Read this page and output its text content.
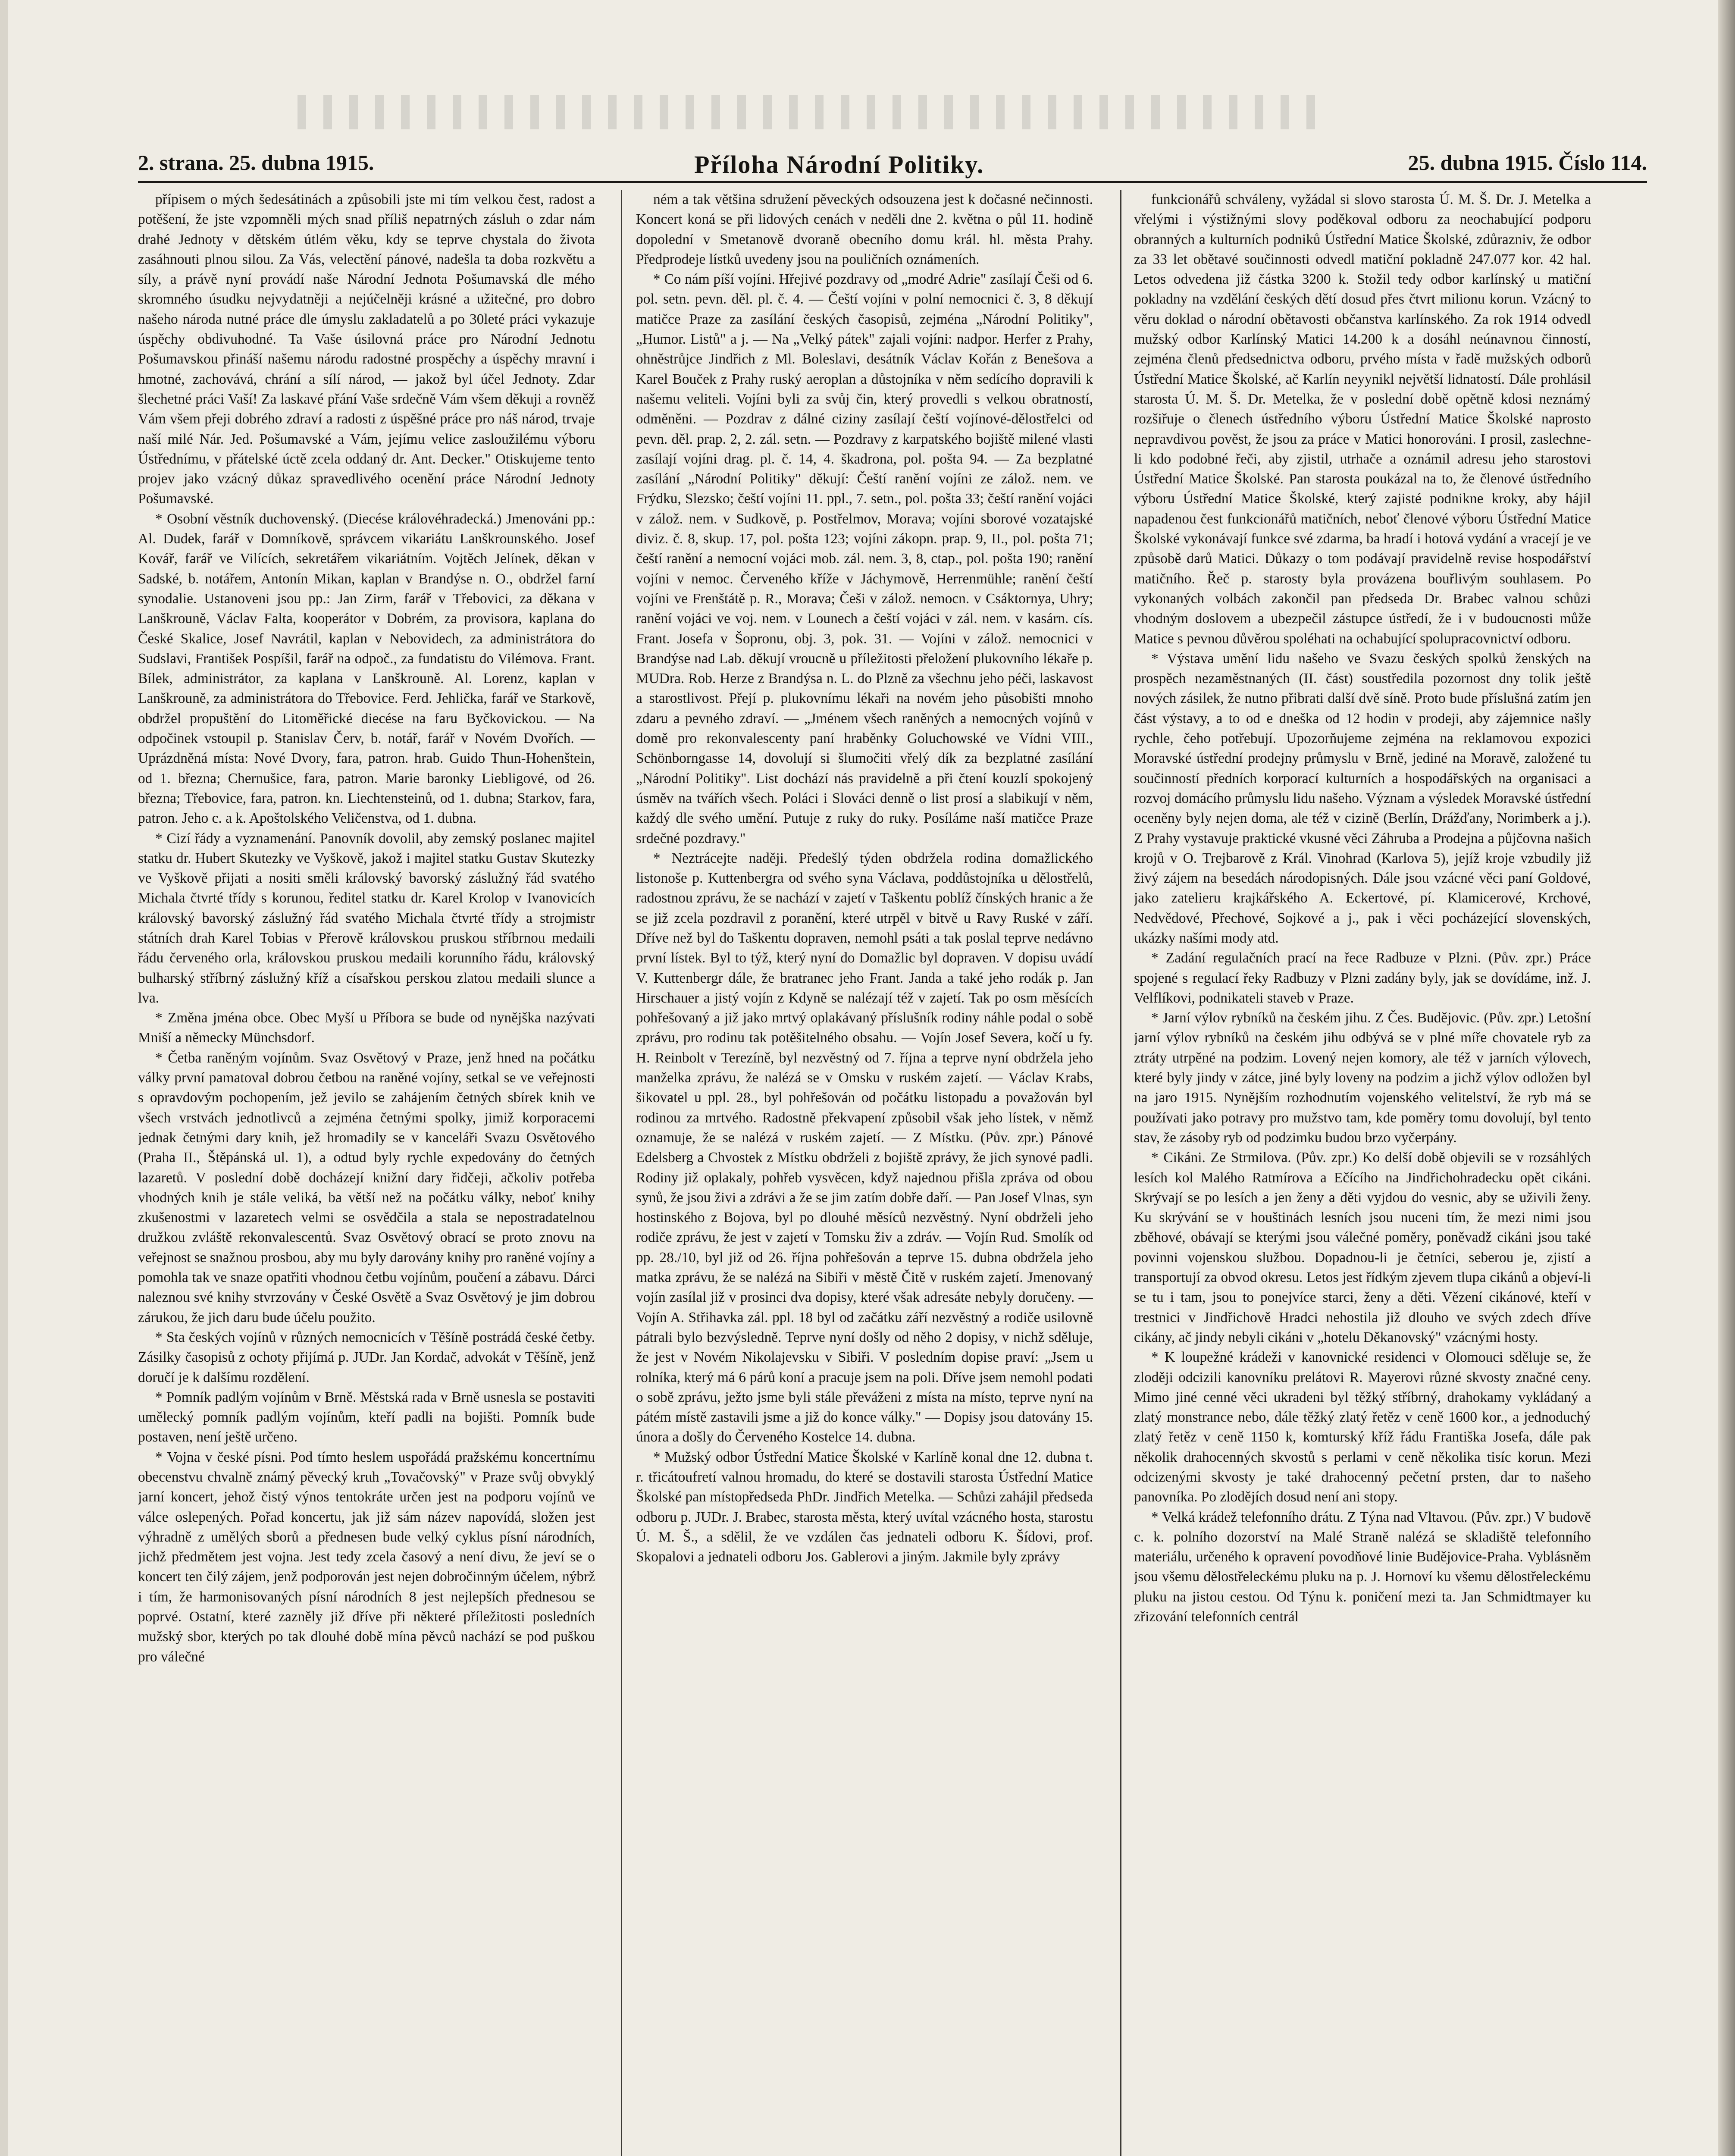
2. strana. 25. dubna 1915.	Příloha Národní Politiky.	25. dubna 1915. Číslo 114.

přípisem o mých šedesátinách a způsobili jste mi tím velkou čest, radost a potěšení, že jste vzpomněli mých snad příliš nepatrných zásluh o zdar nám drahé Jednoty v dětském útlém věku, kdy se teprve chystala do života zasáhnouti plnou silou. Za Vás, velectění pánové, nadešla ta doba rozkvětu a síly, a právě nyní provádí naše Národní Jednota Pošumavská dle mého skromného úsudku nejvydatněji a nejúčelněji krásné a užitečné, pro dobro našeho národa nutné práce dle úmyslu zakladatelů a po 30leté práci vykazuje úspěchy obdivuhodné. Ta Vaše úsilovná práce pro Národní Jednotu Pošumavskou přináší našemu národu radostné prospěchy a úspěchy mravní i hmotné, zachovává, chrání a sílí národ, — jakož byl účel Jednoty. Zdar šlechetné práci Vaší! Za laskavé přání Vaše srdečně Vám všem děkuji a rovněž Vám všem přeji dobrého zdraví a radosti z úspěšné práce pro náš národ, trvaje naší milé Nár. Jed. Pošumavské a Vám, jejímu velice zasloužilému výboru Ústřednímu, v přátelské úctě zcela oddaný dr. Ant. Decker." Otiskujeme tento projev jako vzácný důkaz spravedlivého ocenění práce Národní Jednoty Pošumavské.

* Osobní věstník duchovenský. (Diecése královéhradecká.) Jmenováni pp.: Al. Dudek, farář v Domníkově, správcem vikariátu Lanškrounského. Josef Kovář, farář ve Vilících, sekretářem vikariátním. Vojtěch Jelínek, děkan v Sadské, b. notářem, Antonín Mikan, kaplan v Brandýse n. O., obdržel farní synodalie. Ustanoveni jsou pp.: Jan Zirm, farář v Třebovici, za děkana v Lanškrouně, Václav Falta, kooperátor v Dobrém, za provisora, kaplana do České Skalice, Josef Navrátil, kaplan v Nebovidech, za administrátora do Sudslavi, František Pospíšil, farář na odpoč., za fundatistu do Vilémova. Frant. Bílek, administrátor, za kaplana v Lanškrouně. Al. Lorenz, kaplan v Lanškrouně, za administrátora do Třebovice. Ferd. Jehlička, farář ve Starkově, obdržel propuštění do Litoměřické diecése na faru Byčkovickou. — Na odpočinek vstoupil p. Stanislav Červ, b. notář, farář v Novém Dvořích. — Uprázdněná místa: Nové Dvory, fara, patron. hrab. Guido Thun-Hohenštein, od 1. března; Chernušice, fara, patron. Marie baronky Liebligové, od 26. března; Třebovice, fara, patron. kn. Liechtensteinů, od 1. dubna; Starkov, fara, patron. Jeho c. a k. Apoštolského Veličenstva, od 1. dubna.

* Cizí řády a vyznamenání. Panovník dovolil, aby zemský poslanec majitel statku dr. Hubert Skutezky ve Vyškově, jakož i majitel statku Gustav Skutezky ve Vyškově přijati a nositi směli královský bavorský záslužný řád svatého Michala čtvrté třídy s korunou, ředitel statku dr. Karel Krolop v Ivanovicích královský bavorský záslužný řád svatého Michala čtvrté třídy a strojmistr státních drah Karel Tobias v Přerově královskou pruskou stříbrnou medaili řádu červeného orla, královskou pruskou medaili korunního řádu, královský bulharský stříbrný záslužný kříž a císařskou perskou zlatou medaili slunce a lva.

* Změna jména obce. Obec Myší u Příbora se bude od nynějška nazývati Mniší a německy Münchsdorf.

* Četba raněným vojínům. Svaz Osvětový v Praze, jenž hned na počátku války první pamatoval dobrou četbou na raněné vojíny, setkal se ve veřejnosti s opravdovým pochopením, jež jevilo se zahájením četných sbírek knih ve všech vrstvách jednotlivců a zejména četnými spolky, jimiž korporacemi jednak četnými dary knih, jež hromadily se v kanceláři Svazu Osvětového (Praha II., Štěpánská ul. 1), a odtud byly rychle expedovány do četných lazaretů. V poslední době docházejí knižní dary řidčeji, ačkoliv potřeba vhodných knih je stále veliká, ba větší než na počátku války, neboť knihy zkušenostmi v lazaretech velmi se osvědčila a stala se nepostradatelnou družkou zvláště rekonvalescentů. Svaz Osvětový obrací se proto znovu na veřejnost se snažnou prosbou, aby mu byly darovány knihy pro raněné vojíny a pomohla tak ve snaze opatřiti vhodnou četbu vojínům, poučení a zábavu. Dárci naleznou své knihy stvrzovány v České Osvětě a Svaz Osvětový je jim dobrou zárukou, že jich daru bude účelu použito.

* Sta českých vojínů v různých nemocnicích v Těšíně postrádá české četby. Zásilky časopisů z ochoty přijímá p. JUDr. Jan Kordač, advokát v Těšíně, jenž doručí je k dalšímu rozdělení.

* Pomník padlým vojínům v Brně. Městská rada v Brně usnesla se postaviti umělecký pomník padlým vojínům, kteří padli na bojišti. Pomník bude postaven, není ještě určeno.

* Vojna v české písni. Pod tímto heslem uspořádá pražskému koncertnímu obecenstvu chvalně známý pěvecký kruh „Tovačovský" v Praze svůj obvyklý jarní koncert, jehož čistý výnos tentokráte určen jest na podporu vojínů ve válce oslepených. Pořad koncertu, jak již sám název napovídá, složen jest výhradně z umělých sborů a přednesen bude velký cyklus písní národních, jichž předmětem jest vojna. Jest tedy zcela časový a není divu, že jeví se o koncert ten čilý zájem, jenž podporován jest nejen dobročinným účelem, nýbrž i tím, že harmonisovaných písní národních 8 jest nejlepších přednesou se poprvé. Ostatní, které zazněly již dříve při některé příležitosti posledních mužský sbor, kterých po tak dlouhé době mína pěvců nachází se pod puškou pro válečné

ném a tak většina sdružení pěveckých odsouzena jest k dočasné nečinnosti. Koncert koná se při lidových cenách v neděli dne 2. května o půl 11. hodině dopolední v Smetanově dvoraně obecního domu král. hl. města Prahy. Předprodeje lístků uvedeny jsou na pouličních oznámeních.

* Co nám píší vojíni. Hřejivé pozdravy od „modré Adrie" zasílají Češi od 6. pol. setn. pevn. děl. pl. č. 4. — Čeští vojíni v polní nemocnici č. 3, 8 děkují matičce Praze za zasílání českých časopisů, zejména „Národní Politiky", „Humor. Listů" a j. — Na „Velký pátek" zajali vojíni: nadpor. Herfer z Prahy, ohněstrůjce Jindřich z Ml. Boleslavi, desátník Václav Kořán z Benešova a Karel Bouček z Prahy ruský aeroplan a důstojníka v něm sedícího dopravili k našemu veliteli. Vojíni byli za svůj čin, který provedli s velkou obratností, odměněni. — Pozdrav z dálné ciziny zasílají čeští vojínové-dělostřelci od pevn. děl. prap. 2, 2. zál. setn. — Pozdravy z karpatského bojiště milené vlasti zasílají vojíni drag. pl. č. 14, 4. škadrona, pol. pošta 94. — Za bezplatné zasílání „Národní Politiky" děkují: Čeští ranění vojíni ze zálož. nem. ve Frýdku, Slezsko; čeští vojíni 11. ppl., 7. setn., pol. pošta 33; čeští ranění vojáci v zálož. nem. v Sudkově, p. Postřelmov, Morava; vojíni sborové vozatajské diviz. č. 8, skup. 17, pol. pošta 123; vojíni zákopn. prap. 9, II., pol. pošta 71; čeští ranění a nemocní vojáci mob. zál. nem. 3, 8, ctap., pol. pošta 190; ranění vojíni v nemoc. Červeného kříže v Jáchymově, Herrenmühle; ranění čeští vojíni ve Frenštátě p. R., Morava; Češi v zálož. nemocn. v Csáktornya, Uhry; ranění vojáci ve voj. nem. v Lounech a čeští vojáci v zál. nem. v kasárn. cís. Frant. Josefa v Šopronu, obj. 3, pok. 31. — Vojíni v zálož. nemocnici v Brandýse nad Lab. děkují vroucně u příležitosti přeložení plukovního lékaře p. MUDra. Rob. Herze z Brandýsa n. L. do Plzně za všechnu jeho péči, laskavost a starostlivost. Přejí p. plukovnímu lékaři na novém jeho působišti mnoho zdaru a pevného zdraví. — „Jménem všech raněných a nemocných vojínů v domě pro rekonvalescenty paní hraběnky Goluchowské ve Vídni VIII., Schönborngasse 14, dovolují si šlumočiti vřelý dík za bezplatné zasílání „Národní Politiky". List dochází nás pravidelně a při čtení kouzlí spokojený úsměv na tvářích všech. Poláci i Slováci denně o list prosí a slabikují v něm, každý dle svého umění. Putuje z ruky do ruky. Posíláme naší matičce Praze srdečné pozdravy."

* Neztrácejte naději. Předešlý týden obdržela rodina domažlického listonoše p. Kuttenbergra od svého syna Václava, poddůstojníka u dělostřelů, radostnou zprávu, že se nachází v zajetí v Taškentu poblíž čínských hranic a že se již zcela pozdravil z poranění, které utrpěl v bitvě u Ravy Ruské v září. Dříve než byl do Taškentu dopraven, nemohl psáti a tak poslal teprve nedávno první lístek. Byl to týž, který nyní do Domažlic byl dopraven. V dopisu uvádí V. Kuttenbergr dále, že bratranec jeho Frant. Janda a také jeho rodák p. Jan Hirschauer a jistý vojín z Kdyně se nalézají též v zajetí. Tak po osm měsících pohřešovaný a již jako mrtvý oplakávaný příslušník rodiny náhle podal o sobě zprávu, pro rodinu tak potěšitelného obsahu. — Vojín Josef Severa, kočí u fy. H. Reinbolt v Terezíně, byl nezvěstný od 7. října a teprve nyní obdržela jeho manželka zprávu, že nalézá se v Omsku v ruském zajetí. — Václav Krabs, šikovatel u ppl. 28., byl pohřešován od počátku listopadu a považován byl rodinou za mrtvého. Radostně překvapení způsobil však jeho lístek, v němž oznamuje, že se nalézá v ruském zajetí. — Z Místku. (Pův. zpr.) Pánové Edelsberg a Chvostek z Místku obdrželi z bojiště zprávy, že jich synové padli. Rodiny již oplakaly, pohřeb vysvěcen, když najednou přišla zpráva od obou synů, že jsou živi a zdrávi a že se jim zatím dobře daří. — Pan Josef Vlnas, syn hostinského z Bojova, byl po dlouhé měsíců nezvěstný. Nyní obdrželi jeho rodiče zprávu, že jest v zajetí v Tomsku živ a zdráv. — Vojín Rud. Smolík od pp. 28./10, byl již od 26. října pohřešován a teprve 15. dubna obdržela jeho matka zprávu, že se nalézá na Sibiři v městě Čitě v ruském zajetí. Jmenovaný vojín zasílal již v prosinci dva dopisy, které však adresáte nebyly doručeny. — Vojín A. Střihavka zál. ppl. 18 byl od začátku září nezvěstný a rodiče usilovně pátrali bylo bezvýsledně. Teprve nyní došly od něho 2 dopisy, v nichž sděluje, že jest v Novém Nikolajevsku v Sibiři. V posledním dopise praví: „Jsem u rolníka, který má 6 párů koní a pracuje jsem na poli. Dříve jsem nemohl podati o sobě zprávu, ježto jsme byli stále převáženi z místa na místo, teprve nyní na pátém místě zastavili jsme a již do konce války." — Dopisy jsou datovány 15. února a došly do Červeného Kostelce 14. dubna.

* Mužský odbor Ústřední Matice Školské v Karlíně konal dne 12. dubna t. r. třicátoufretí valnou hromadu, do které se dostavili starosta Ústřední Matice Školské pan místopředseda PhDr. Jindřich Metelka. — Schůzi zahájil předseda odboru p. JUDr. J. Brabec, starosta města, který uvítal vzácného hosta, starostu Ú. M. Š., a sdělil, že ve vzdálen čas jednateli odboru K. Šídovi, prof. Skopalovi a jednateli odboru Jos. Gablerovi a jiným. Jakmile byly zprávy

funkcionářů schváleny, vyžádal si slovo starosta Ú. M. Š. Dr. J. Metelka a vřelými i výstižnými slovy poděkoval odboru za neochabující podporu obranných a kulturních podniků Ústřední Matice Školské, zdůrazniv, že odbor za 33 let obětavé součinnosti odvedl matiční pokladně 247.077 kor. 42 hal. Letos odvedena již částka 3200 k. Stožil tedy odbor karlínský u matiční pokladny na vzdělání českých dětí dosud přes čtvrt milionu korun. Vzácný to věru doklad o národní obětavosti občanstva karlínského. Za rok 1914 odvedl mužský odbor Karlínský Matici 14.200 k a dosáhl neúnavnou činností, zejména členů předsednictva odboru, prvého místa v řadě mužských odborů Ústřední Matice Školské, ač Karlín neyynikl největší lidnatostí. Dále prohlásil starosta Ú. M. Š. Dr. Metelka, že v poslední době opětně kdosi neznámý rozšiřuje o členech ústředního výboru Ústřední Matice Školské naprosto nepravdivou pověst, že jsou za práce v Matici honorováni. I prosil, zaslechne-li kdo podobné řeči, aby zjistil, utrhače a oznámil adresu jeho starostovi Ústřední Matice Školské. Pan starosta poukázal na to, že členové ústředního výboru Ústřední Matice Školské, který zajisté podnikne kroky, aby hájil napadenou čest funkcionářů matičních, neboť členové výboru Ústřední Matice Školské vykonávají funkce své zdarma, ba hradí i hotová vydání a vracejí je ve způsobě darů Matici. Důkazy o tom podávají pravidelně revise hospodářství matičního. Řeč p. starosty byla provázena bouřlivým souhlasem. Po vykonaných volbách zakončil pan předseda Dr. Brabec valnou schůzi vhodným doslovem a ubezpečil zástupce ústředí, že i v budoucnosti může Matice s pevnou důvěrou spoléhati na ochabující spolupracovnictví odboru.

* Výstava umění lidu našeho ve Svazu českých spolků ženských na prospěch nezaměstnaných (II. část) soustředila pozornost dny tolik ještě nových zásilek, že nutno přibrati další dvě síně. Proto bude příslušná zatím jen část výstavy, a to od e dneška od 12 hodin v prodeji, aby zájemnice našly rychle, čeho potřebují. Upozorňujeme zejména na reklamovou expozici Moravské ústřední prodejny průmyslu v Brně, jediné na Moravě, založené tu součinností předních korporací kulturních a hospodářských na organisaci a rozvoj domácího průmyslu lidu našeho. Význam a výsledek Moravské ústřední oceněny byly nejen doma, ale též v cizině (Berlín, Drážďany, Norimberk a j.). Z Prahy vystavuje praktické vkusné věci Záhruba a Prodejna a půjčovna našich krojů v O. Trejbarově z Král. Vinohrad (Karlova 5), jejíž kroje vzbudily již živý zájem na besedách národopisných. Dále jsou vzácné věci paní Goldové, jako zatelieru krajkářského A. Eckertové, pí. Klamicerové, Krchové, Nedvědové, Přechové, Sojkové a j., pak i věci pocházející slovenských, ukázky našími mody atd.

* Zadání regulačních prací na řece Radbuze v Plzni. (Pův. zpr.) Práce spojené s regulací řeky Radbuzy v Plzni zadány byly, jak se dovídáme, inž. J. Velflíkovi, podnikateli staveb v Praze.

* Jarní výlov rybníků na českém jihu. Z Čes. Budějovic. (Pův. zpr.) Letošní jarní výlov rybníků na českém jihu odbývá se v plné míře chovatele ryb za ztráty utrpěné na podzim. Lovený nejen komory, ale též v jarních výlovech, které byly jindy v zátce, jiné byly loveny na podzim a jichž výlov odložen byl na jaro 1915. Nynějším rozhodnutím vojenského velitelství, že ryb má se používati jako potravy pro mužstvo tam, kde poměry tomu dovolují, byl tento stav, že zásoby ryb od podzimku budou brzo vyčerpány.

* Cikáni. Ze Strmilova. (Pův. zpr.) Ko delší době objevili se v rozsáhlých lesích kol Malého Ratmírova a Ečícího na Jindřichohradecku opět cikáni. Skrývají se po lesích a jen ženy a děti vyjdou do vesnic, aby se uživili ženy. Ku skrývání se v houštinách lesních jsou nuceni tím, že mezi nimi jsou zběhové, obávají se kterými jsou válečné poměry, poněvadž cikáni jsou také povinni vojenskou službou. Dopadnou-li je četníci, seberou je, zjistí a transportují za obvod okresu. Letos jest řídkým zjevem tlupa cikánů a objeví-li se tu i tam, jsou to ponejvíce starci, ženy a děti. Vězení cikánové, kteří v trestnici v Jindřichově Hradci nehostila již dlouho ve svých zdech dříve cikány, ač jindy nebyli cikáni v „hotelu Děkanovský" vzácnými hosty.

* K loupežné krádeži v kanovnické residenci v Olomouci sděluje se, že zloději odcizili kanovníku prelátovi R. Mayerovi různé skvosty značné ceny. Mimo jiné cenné věci ukradeni byl těžký stříbrný, drahokamy vykládaný a zlatý monstrance nebo, dále těžký zlatý řetěz v ceně 1600 kor., a jednoduchý zlatý řetěz v ceně 1150 k, komturský kříž řádu Františka Josefa, dále pak několik drahocenných skvostů s perlami v ceně několika tisíc korun. Mezi odcizenými skvosty je také drahocenný pečetní prsten, dar to našeho panovníka. Po zlodějích dosud není ani stopy.

* Velká krádež telefonního drátu. Z Týna nad Vltavou. (Pův. zpr.) V budově c. k. polního dozorství na Malé Straně nalézá se skladiště telefonního materiálu, určeného k opravení povodňové linie Budějovice-Praha. Vyblásněm jsou všemu dělostřeleckému pluku na p. J. Hornoví ku všemu dělostřeleckému pluku na jistou cestou. Od Týnu k. poničení mezi ta. Jan Schmidtmayer ku zřizování telefonních centrál
